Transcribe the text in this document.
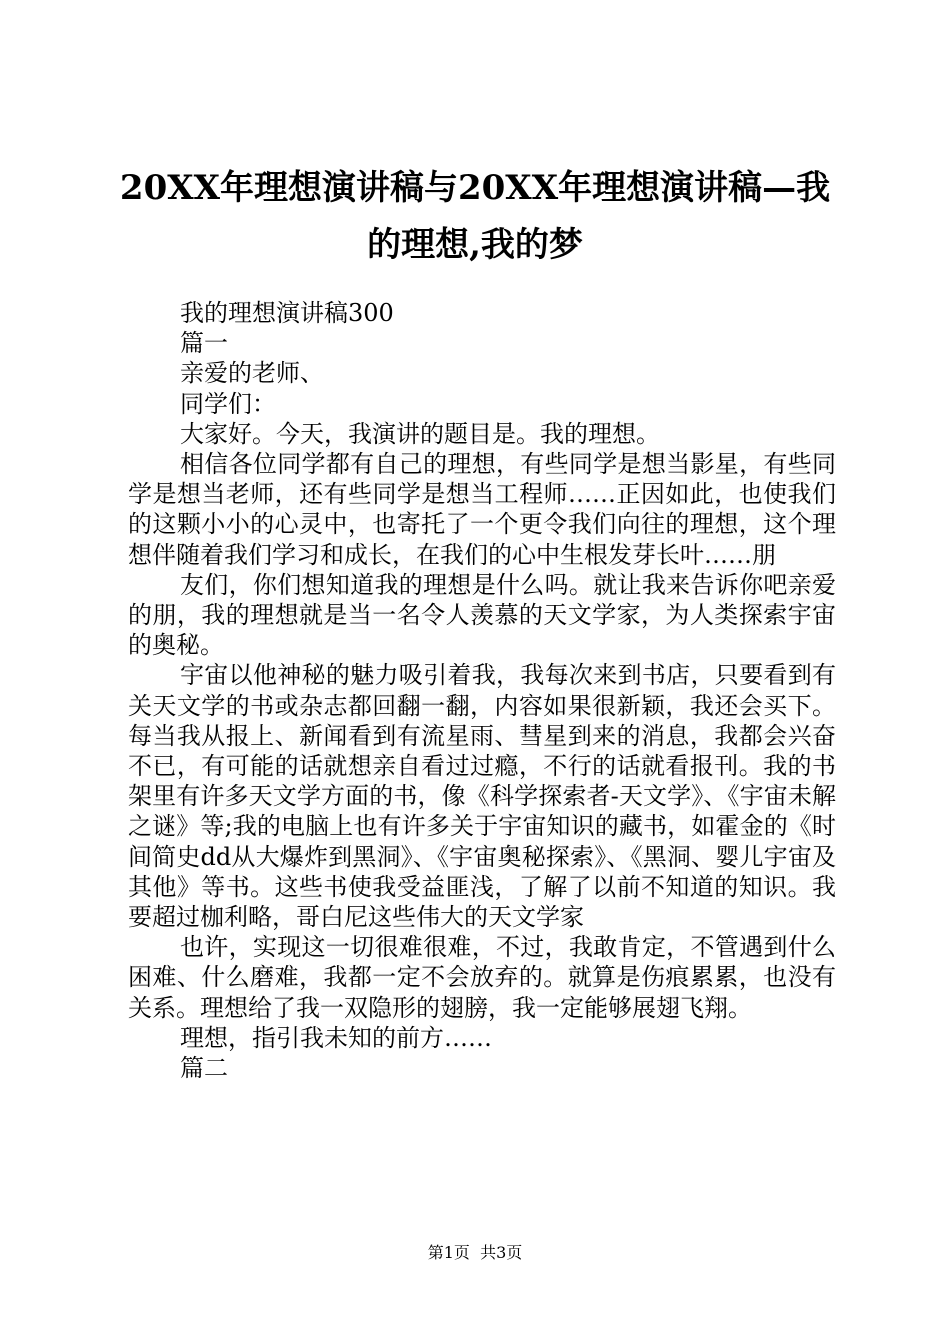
20XX年理想演讲稿与20XX年理想演讲稿—我
的理想,我的梦

我的理想演讲稿300

篇一

亲爱的老师、

同学们：

大家好。今天，我演讲的题目是。我的理想。

相信各位同学都有自己的理想，有些同学是想当影星，有些同学是想当老师，还有些同学是想当工程师……正因如此，也使我们的这颗小小的心灵中，也寄托了一个更令我们向往的理想，这个理想伴随着我们学习和成长，在我们的心中生根发芽长叶……朋

友们，你们想知道我的理想是什么吗。就让我来告诉你吧亲爱的朋，我的理想就是当一名令人羡慕的天文学家，为人类探索宇宙的奥秘。

宇宙以他神秘的魅力吸引着我，我每次来到书店，只要看到有关天文学的书或杂志都回翻一翻，内容如果很新颖，我还会买下。每当我从报上、新闻看到有流星雨、彗星到来的消息，我都会兴奋不已，有可能的话就想亲自看过过瘾，不行的话就看报刊。我的书架里有许多天文学方面的书，像《科学探索者-天文学》、《宇宙未解之谜》等;我的电脑上也有许多关于宇宙知识的藏书，如霍金的《时间简史dd从大爆炸到黑洞》、《宇宙奥秘探索》、《黑洞、婴儿宇宙及其他》等书。这些书使我受益匪浅，了解了以前不知道的知识。我要超过枷利略，哥白尼这些伟大的天文学家

也许，实现这一切很难很难，不过，我敢肯定，不管遇到什么困难、什么磨难，我都一定不会放弃的。就算是伤痕累累，也没有关系。理想给了我一双隐形的翅膀，我一定能够展翅飞翔。

理想，指引我未知的前方……

篇二

第1页  共3页
